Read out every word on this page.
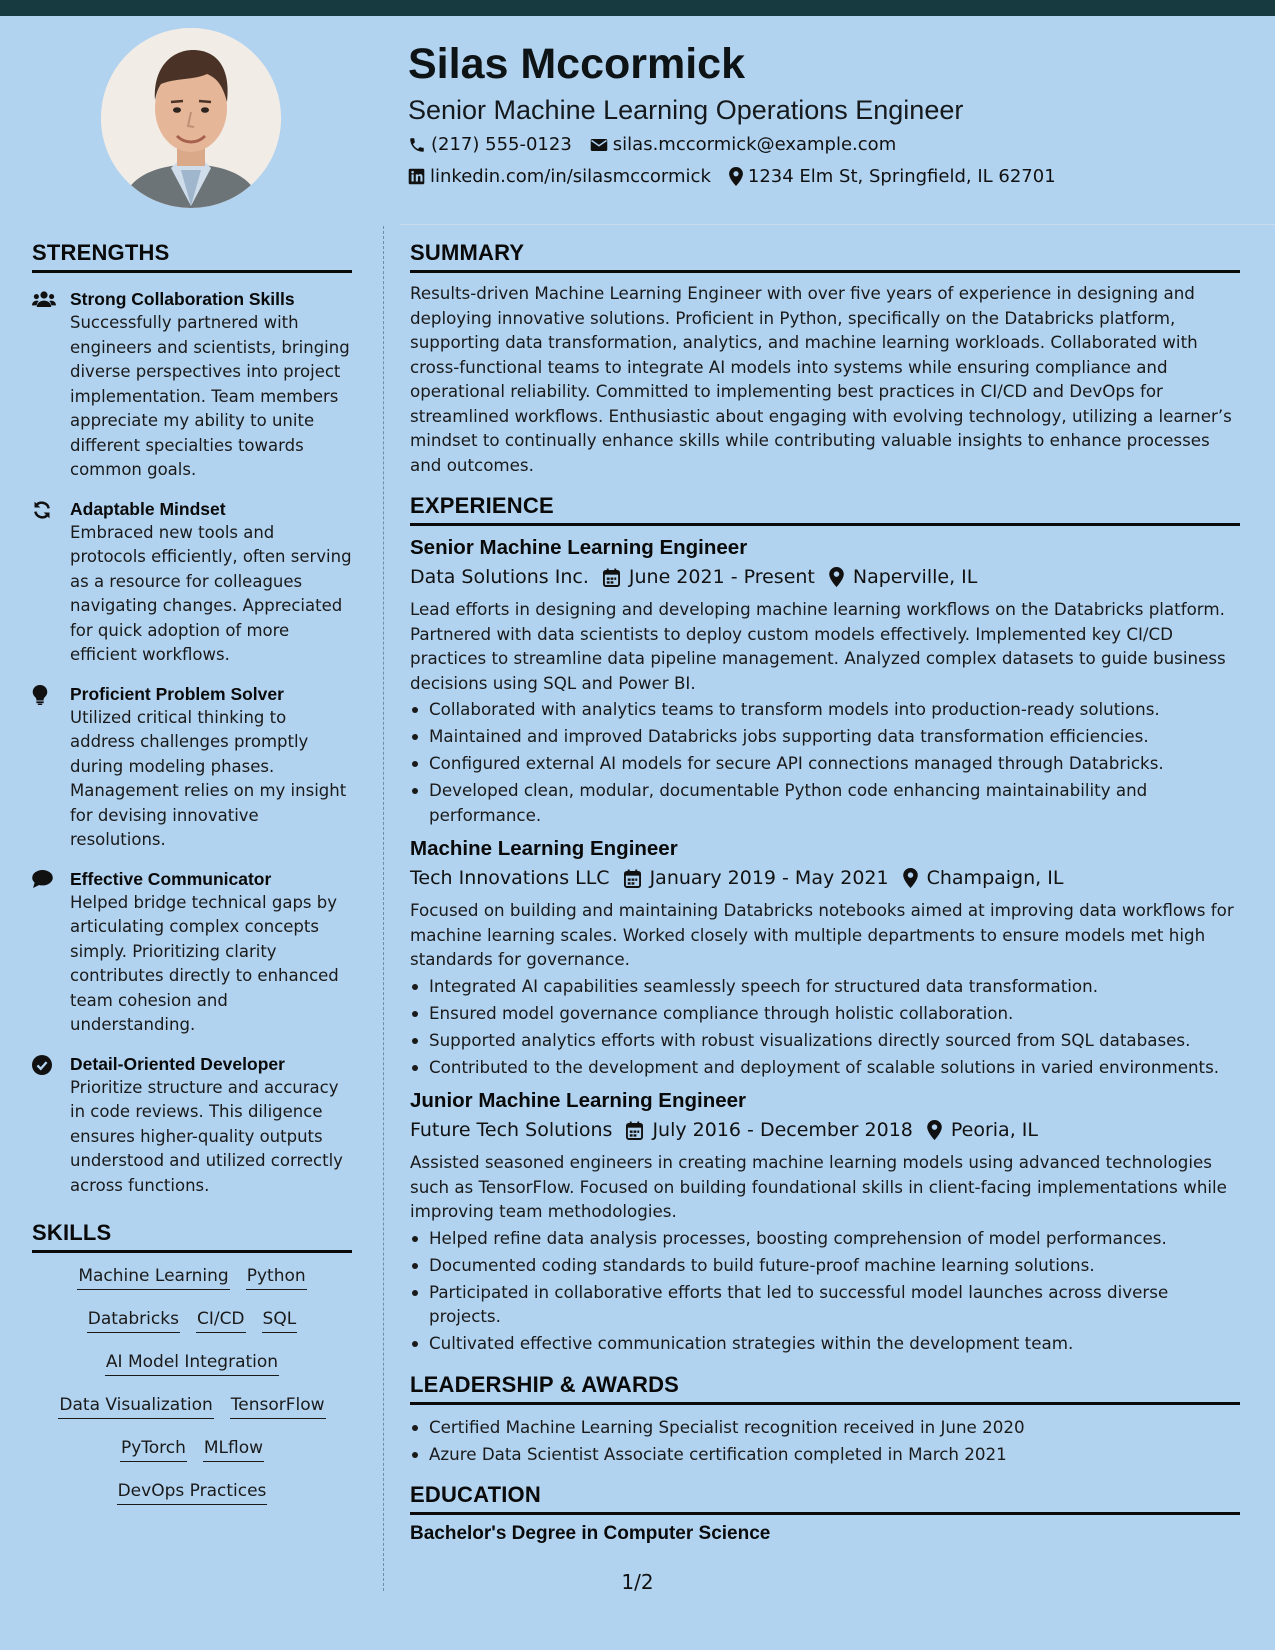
Silas Mccormick
Senior Machine Learning Operations Engineer
(217) 555-0123 silas.mccormick@example.com
linkedin.com/in/silasmccormick 1234 Elm St, Springfield, IL 62701
STRENGTHS
Strong Collaboration Skills
Successfully partnered with engineers and scientists, bringing diverse perspectives into project implementation. Team members appreciate my ability to unite different specialties towards common goals.
Adaptable Mindset
Embraced new tools and protocols efficiently, often serving as a resource for colleagues navigating changes. Appreciated for quick adoption of more efficient workflows.
Proficient Problem Solver
Utilized critical thinking to address challenges promptly during modeling phases. Management relies on my insight for devising innovative resolutions.
Effective Communicator
Helped bridge technical gaps by articulating complex concepts simply. Prioritizing clarity contributes directly to enhanced team cohesion and understanding.
Detail-Oriented Developer
Prioritize structure and accuracy in code reviews. This diligence ensures higher-quality outputs understood and utilized correctly across functions.
SKILLS
Machine Learning Python
Databricks CI/CD SQL
AI Model Integration
Data Visualization TensorFlow
PyTorch MLflow
DevOps Practices
SUMMARY
Results-driven Machine Learning Engineer with over five years of experience in designing and deploying innovative solutions. Proficient in Python, specifically on the Databricks platform, supporting data transformation, analytics, and machine learning workloads. Collaborated with cross-functional teams to integrate AI models into systems while ensuring compliance and operational reliability. Committed to implementing best practices in CI/CD and DevOps for streamlined workflows. Enthusiastic about engaging with evolving technology, utilizing a learner’s mindset to continually enhance skills while contributing valuable insights to enhance processes and outcomes.
EXPERIENCE
Senior Machine Learning Engineer
Data Solutions Inc. June 2021 - Present Naperville, IL
Lead efforts in designing and developing machine learning workflows on the Databricks platform. Partnered with data scientists to deploy custom models effectively. Implemented key CI/CD practices to streamline data pipeline management. Analyzed complex datasets to guide business decisions using SQL and Power BI.
Collaborated with analytics teams to transform models into production-ready solutions.
Maintained and improved Databricks jobs supporting data transformation efficiencies.
Configured external AI models for secure API connections managed through Databricks.
Developed clean, modular, documentable Python code enhancing maintainability and performance.
Machine Learning Engineer
Tech Innovations LLC January 2019 - May 2021 Champaign, IL
Focused on building and maintaining Databricks notebooks aimed at improving data workflows for machine learning scales. Worked closely with multiple departments to ensure models met high standards for governance.
Integrated AI capabilities seamlessly speech for structured data transformation.
Ensured model governance compliance through holistic collaboration.
Supported analytics efforts with robust visualizations directly sourced from SQL databases.
Contributed to the development and deployment of scalable solutions in varied environments.
Junior Machine Learning Engineer
Future Tech Solutions July 2016 - December 2018 Peoria, IL
Assisted seasoned engineers in creating machine learning models using advanced technologies such as TensorFlow. Focused on building foundational skills in client-facing implementations while improving team methodologies.
Helped refine data analysis processes, boosting comprehension of model performances.
Documented coding standards to build future-proof machine learning solutions.
Participated in collaborative efforts that led to successful model launches across diverse projects.
Cultivated effective communication strategies within the development team.
LEADERSHIP & AWARDS
Certified Machine Learning Specialist recognition received in June 2020
Azure Data Scientist Associate certification completed in March 2021
EDUCATION
Bachelor's Degree in Computer Science
1/2
